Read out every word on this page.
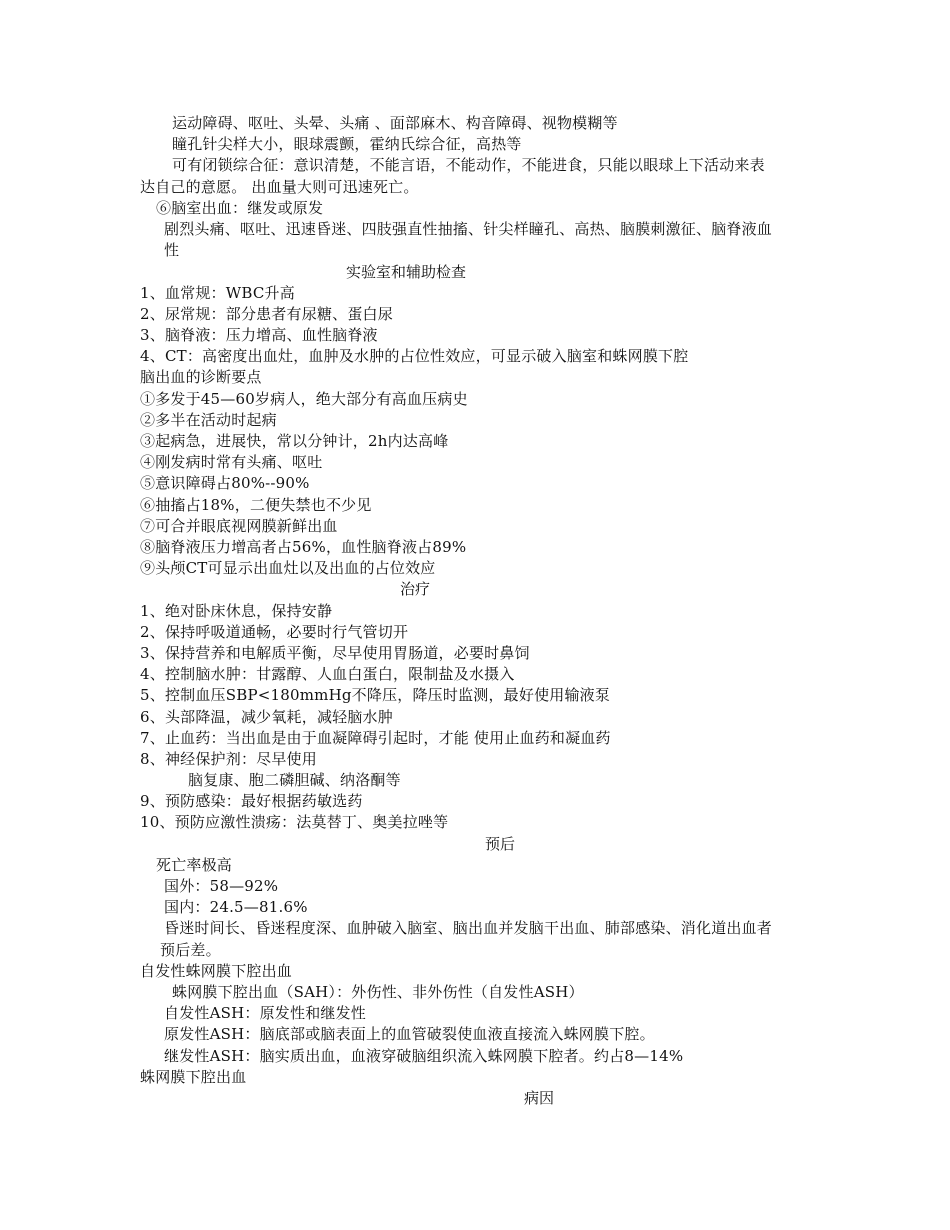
运动障碍、呕吐、头晕、头痛 、面部麻木、构音障碍、视物模糊等
瞳孔针尖样大小，眼球震颤，霍纳氏综合征，高热等
可有闭锁综合征：意识清楚，不能言语，不能动作，不能进食，只能以眼球上下活动来表
达自己的意愿。 出血量大则可迅速死亡。
⑥脑室出血：继发或原发
剧烈头痛、呕吐、迅速昏迷、四肢强直性抽搐、针尖样瞳孔、高热、脑膜刺激征、脑脊液血
性
实验室和辅助检查
1、血常规：WBC升高
2、尿常规：部分患者有尿糖、蛋白尿
3、脑脊液：压力增高、血性脑脊液
4、CT：高密度出血灶，血肿及水肿的占位性效应，可显示破入脑室和蛛网膜下腔
脑出血的诊断要点
①多发于45—60岁病人，绝大部分有高血压病史
②多半在活动时起病
③起病急，进展快，常以分钟计，2h内达高峰
④刚发病时常有头痛、呕吐
⑤意识障碍占80%--90%
⑥抽搐占18%，二便失禁也不少见
⑦可合并眼底视网膜新鲜出血
⑧脑脊液压力增高者占56%，血性脑脊液占89%
⑨头颅CT可显示出血灶以及出血的占位效应
治疗
1、绝对卧床休息，保持安静
2、保持呼吸道通畅，必要时行气管切开
3、保持营养和电解质平衡，尽早使用胃肠道，必要时鼻饲
4、控制脑水肿：甘露醇、人血白蛋白，限制盐及水摄入
5、控制血压SBP<180mmHg不降压，降压时监测，最好使用输液泵
6、头部降温，减少氧耗，减轻脑水肿
7、止血药：当出血是由于血凝障碍引起时，才能 使用止血药和凝血药
8、神经保护剂：尽早使用
脑复康、胞二磷胆碱、纳洛酮等
9、预防感染：最好根据药敏选药
10、预防应激性溃疡：法莫替丁、奥美拉唑等
预后
死亡率极高
国外：58—92%
国内：24.5—81.6%
昏迷时间长、昏迷程度深、血肿破入脑室、脑出血并发脑干出血、肺部感染、消化道出血者
预后差。
自发性蛛网膜下腔出血
蛛网膜下腔出血（SAH）：外伤性、非外伤性（自发性ASH）
自发性ASH：原发性和继发性
原发性ASH：脑底部或脑表面上的血管破裂使血液直接流入蛛网膜下腔。
继发性ASH：脑实质出血，血液穿破脑组织流入蛛网膜下腔者。约占8—14%
蛛网膜下腔出血
病因
